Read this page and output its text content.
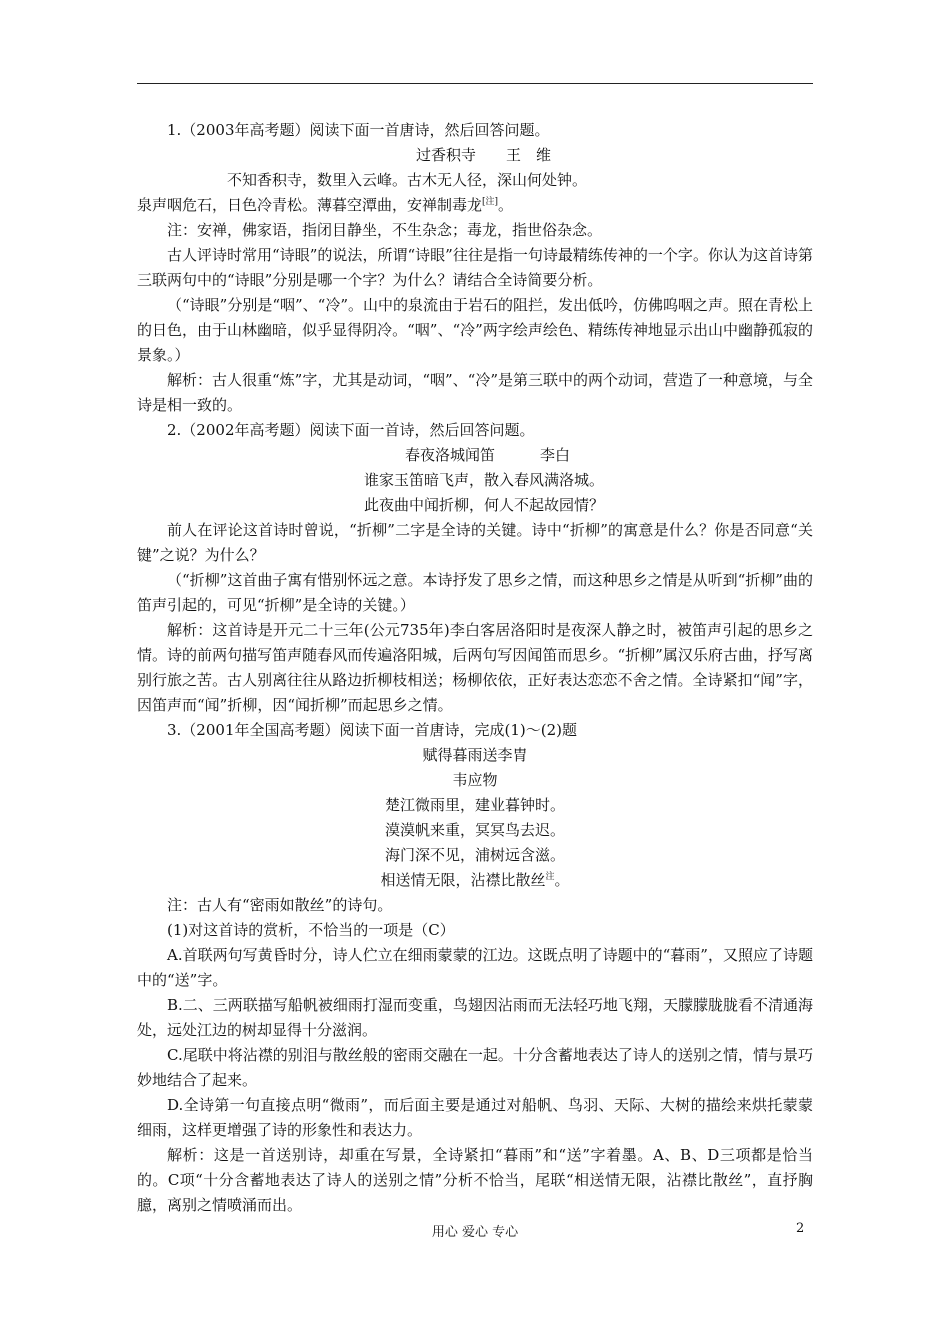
1.（2003年高考题）阅读下面一首唐诗，然后回答问题。
过香积寺　　王　维
不知香积寺，数里入云峰。古木无人径，深山何处钟。
泉声咽危石，日色冷青松。薄暮空潭曲，安禅制毒龙[注]。
注：安禅，佛家语，指闭目静坐，不生杂念；毒龙，指世俗杂念。
古人评诗时常用“诗眼”的说法，所谓“诗眼”往往是指一句诗最精练传神的一个字。你认为这首诗第三联两句中的“诗眼”分别是哪一个字？为什么？请结合全诗简要分析。
（“诗眼”分别是“咽”、“冷”。山中的泉流由于岩石的阻拦，发出低吟，仿佛呜咽之声。照在青松上的日色，由于山林幽暗，似乎显得阴冷。“咽”、“冷”两字绘声绘色、精练传神地显示出山中幽静孤寂的景象。）
解析：古人很重“炼”字，尤其是动词，“咽”、“冷”是第三联中的两个动词，营造了一种意境，与全诗是相一致的。
2.（2002年高考题）阅读下面一首诗，然后回答问题。
春夜洛城闻笛　　　李白
谁家玉笛暗飞声，散入春风满洛城。
此夜曲中闻折柳，何人不起故园情？
前人在评论这首诗时曾说，“折柳”二字是全诗的关键。诗中“折柳”的寓意是什么？你是否同意“关键”之说？为什么？
（“折柳”这首曲子寓有惜别怀远之意。本诗抒发了思乡之情，而这种思乡之情是从听到“折柳”曲的笛声引起的，可见“折柳”是全诗的关键。）
解析：这首诗是开元二十三年(公元735年)李白客居洛阳时是夜深人静之时，被笛声引起的思乡之情。诗的前两句描写笛声随春风而传遍洛阳城，后两句写因闻笛而思乡。“折柳”属汉乐府古曲，抒写离别行旅之苦。古人别离往往从路边折柳枝相送；杨柳依依，正好表达恋恋不舍之情。全诗紧扣“闻”字，因笛声而“闻”折柳，因“闻折柳”而起思乡之情。
3.（2001年全国高考题）阅读下面一首唐诗，完成(1)～(2)题
赋得暮雨送李胄
韦应物
楚江微雨里，建业暮钟时。
漠漠帆来重，冥冥鸟去迟。
海门深不见，浦树远含滋。
相送情无限，沾襟比散丝$^注$。
注：古人有“密雨如散丝”的诗句。
(1)对这首诗的赏析，不恰当的一项是（C）
A.首联两句写黄昏时分，诗人伫立在细雨蒙蒙的江边。这既点明了诗题中的“暮雨”，又照应了诗题中的“送”字。
B.二、三两联描写船帆被细雨打湿而变重，鸟翅因沾雨而无法轻巧地飞翔，天朦朦胧胧看不清通海处，远处江边的树却显得十分滋润。
C.尾联中将沾襟的别泪与散丝般的密雨交融在一起。十分含蓄地表达了诗人的送别之情，情与景巧妙地结合了起来。
D.全诗第一句直接点明“微雨”，而后面主要是通过对船帆、鸟羽、天际、大树的描绘来烘托蒙蒙细雨，这样更增强了诗的形象性和表达力。
解析：这是一首送别诗，却重在写景，全诗紧扣“暮雨”和“送”字着墨。A、B、D三项都是恰当的。C项“十分含蓄地表达了诗人的送别之情”分析不恰当，尾联“相送情无限，沾襟比散丝”，直抒胸臆，离别之情喷涌而出。
用心 爱心 专心	2
